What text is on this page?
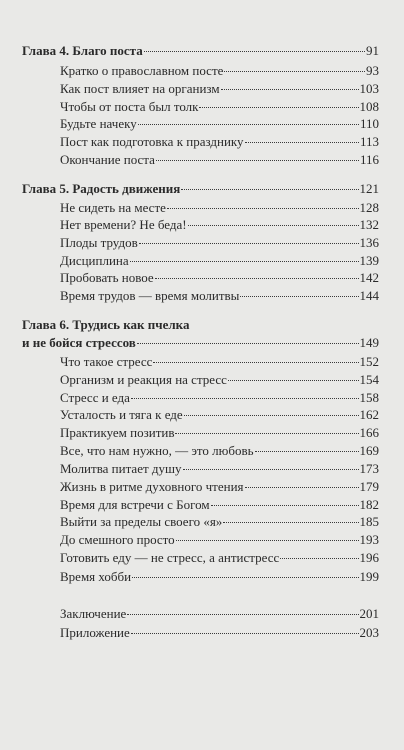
Глава 4. Благо поста	91
Кратко о православном посте	93
Как пост влияет на организм	103
Чтобы от поста был толк	108
Будьте начеку	110
Пост как подготовка к празднику	113
Окончание поста	116
Глава 5. Радость движения	121
Не сидеть на месте	128
Нет времени? Не беда!	132
Плоды трудов	136
Дисциплина	139
Пробовать новое	142
Время трудов — время молитвы	144
Глава 6. Трудись как пчелка
и не бойся стрессов	149
Что такое стресс	152
Организм и реакция на стресс	154
Стресс и еда	158
Усталость и тяга к еде	162
Практикуем позитив	166
Все, что нам нужно, — это любовь	169
Молитва питает душу	173
Жизнь в ритме духовного чтения	179
Время для встречи с Богом	182
Выйти за пределы своего «я»	185
До смешного просто	193
Готовить еду — не стресс, а антистресс	196
Время хобби	199
Заключение	201
Приложение	203
